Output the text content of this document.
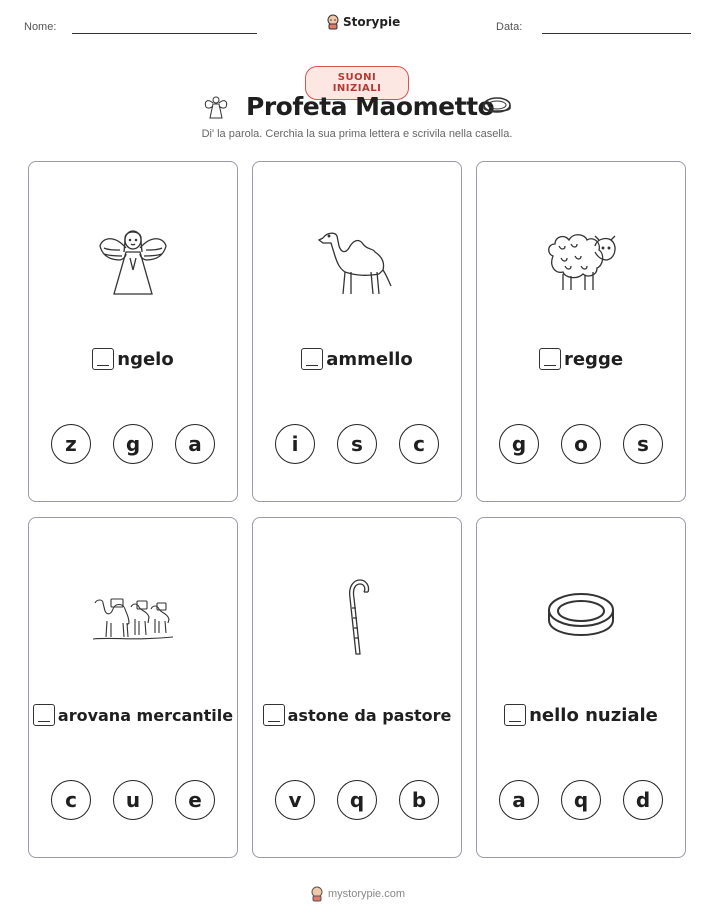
Nome:	Storypie	Data:
SUONI INIZIALI
Profeta Maometto
Di' la parola. Cerchia la sua prima lettera e scrivila nella casella.
ngelo
z	g	a
ammello
i	s	c
regge
g	o	s
arovana mercantile
c	u	e
astone da pastore
v	q	b
nello nuziale
a	q	d
mystorypie.com
